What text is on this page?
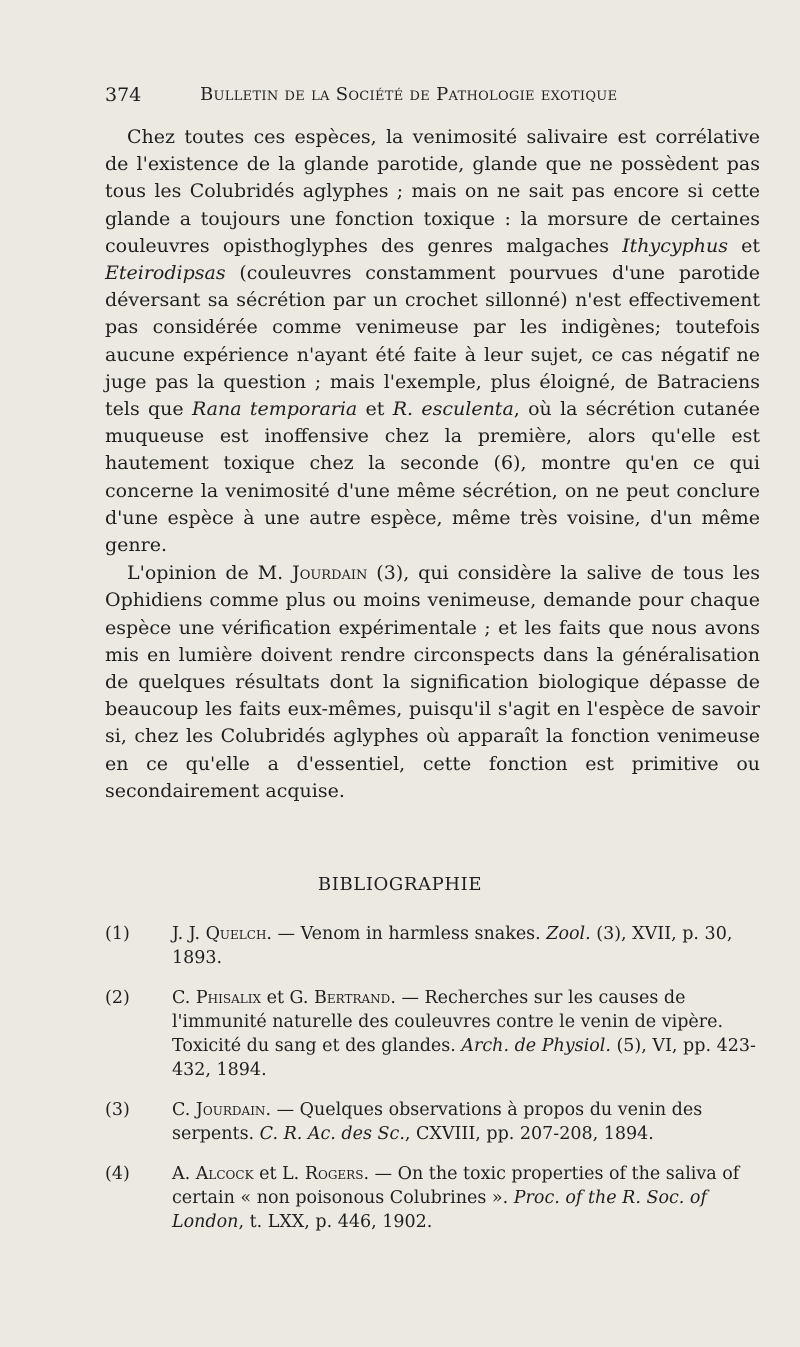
374	Bulletin de la Société de Pathologie exotique

Chez toutes ces espèces, la venimosité salivaire est corrélative de l'existence de la glande parotide, glande que ne possèdent pas tous les Colubridés aglyphes ; mais on ne sait pas encore si cette glande a toujours une fonction toxique : la morsure de certaines couleuvres opisthoglyphes des genres malgaches Ithycyphus et Eteirodipsas (couleuvres constamment pourvues d'une parotide déversant sa sécrétion par un crochet sillonné) n'est effectivement pas considérée comme venimeuse par les indigènes; toutefois aucune expérience n'ayant été faite à leur sujet, ce cas négatif ne juge pas la question ; mais l'exemple, plus éloigné, de Batraciens tels que Rana temporaria et R. esculenta, où la sécrétion cutanée muqueuse est inoffensive chez la première, alors qu'elle est hautement toxique chez la seconde (6), montre qu'en ce qui concerne la venimosité d'une même sécrétion, on ne peut conclure d'une espèce à une autre espèce, même très voisine, d'un même genre.

L'opinion de M. Jourdain (3), qui considère la salive de tous les Ophidiens comme plus ou moins venimeuse, demande pour chaque espèce une vérification expérimentale ; et les faits que nous avons mis en lumière doivent rendre circonspects dans la généralisation de quelques résultats dont la signification biologique dépasse de beaucoup les faits eux-mêmes, puisqu'il s'agit en l'espèce de savoir si, chez les Colubridés aglyphes où apparaît la fonction venimeuse en ce qu'elle a d'essentiel, cette fonction est primitive ou secondairement acquise.

BIBLIOGRAPHIE
(1) J. J. Quelch. — Venom in harmless snakes. Zool. (3), XVII, p. 30, 1893.
(2) C. Phisalix et G. Bertrand. — Recherches sur les causes de l'immunité naturelle des couleuvres contre le venin de vipère. Toxicité du sang et des glandes. Arch. de Physiol. (5), VI, pp. 423-432, 1894.
(3) C. Jourdain. — Quelques observations à propos du venin des serpents. C. R. Ac. des Sc., CXVIII, pp. 207-208, 1894.
(4) A. Alcock et L. Rogers. — On the toxic properties of the saliva of certain « non poisonous Colubrines ». Proc. of the R. Soc. of London, t. LXX, p. 446, 1902.
